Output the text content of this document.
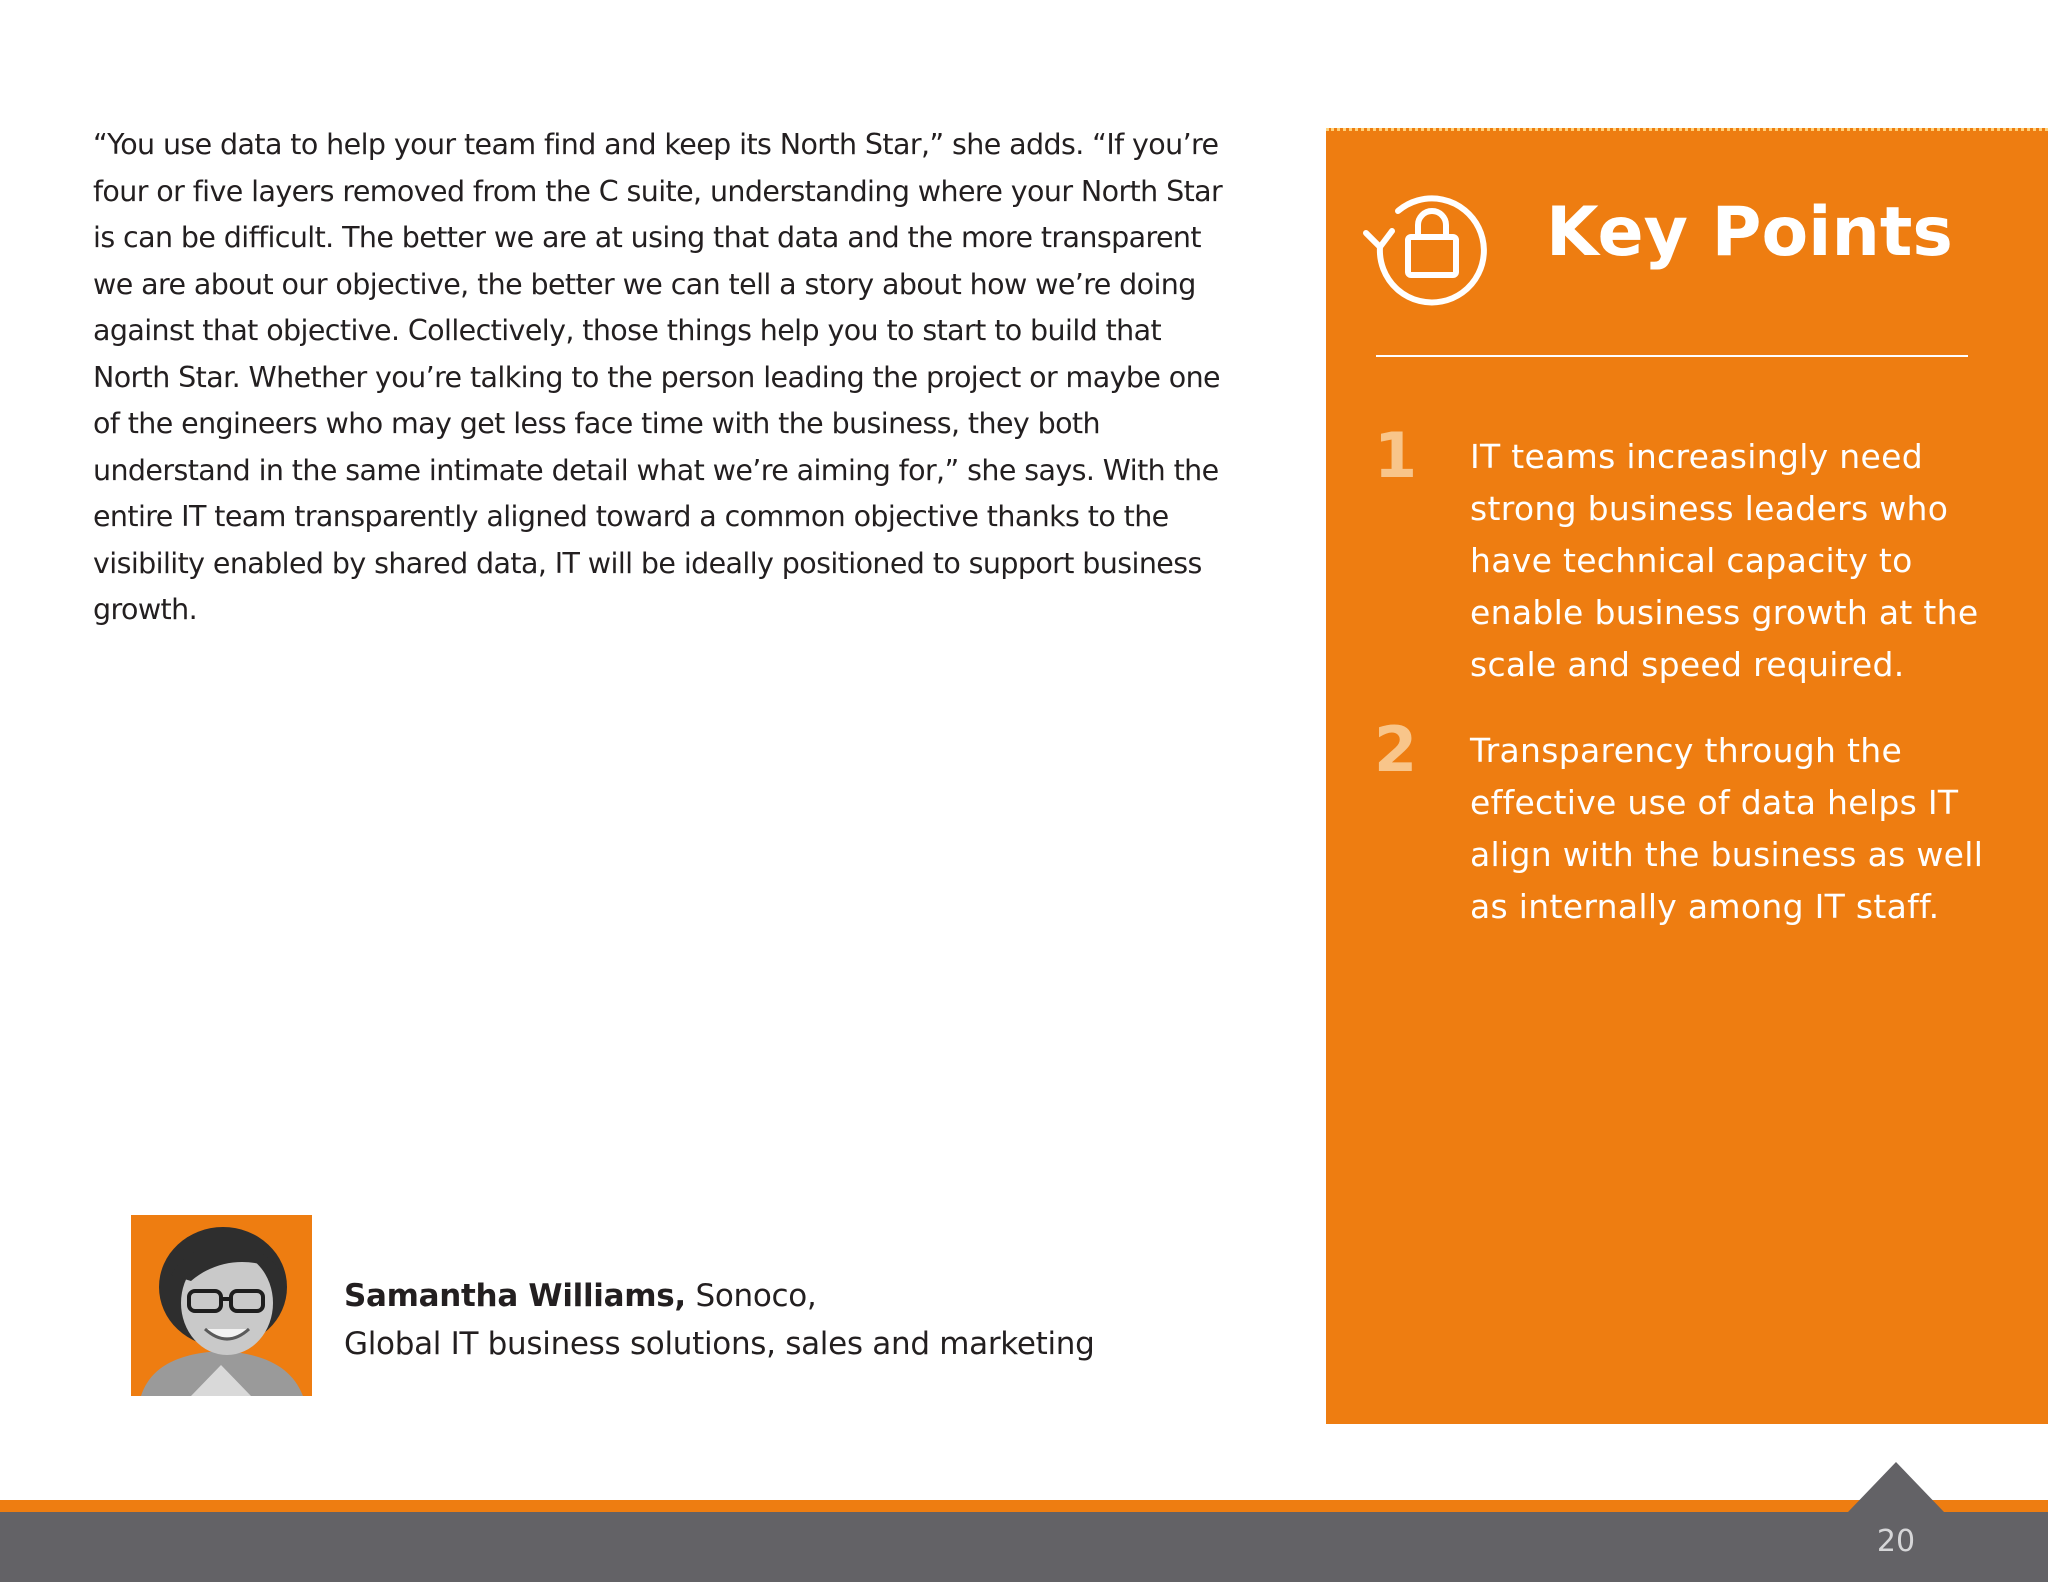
“You use data to help your team find and keep its North Star,” she adds. “If you’re four or five layers removed from the C suite, understanding where your North Star is can be difficult. The better we are at using that data and the more transparent we are about our objective, the better we can tell a story about how we’re doing against that objective. Collectively, those things help you to start to build that North Star. Whether you’re talking to the person leading the project or maybe one of the engineers who may get less face time with the business, they both understand in the same intimate detail what we’re aiming for,” she says. With the entire IT team transparently aligned toward a common objective thanks to the visibility enabled by shared data, IT will be ideally positioned to support business growth.

Key Points
1 IT teams increasingly need strong business leaders who have technical capacity to enable business growth at the scale and speed required.
2 Transparency through the effective use of data helps IT align with the business as well as internally among IT staff.
Samantha Williams, Sonoco,
Global IT business solutions, sales and marketing
20
